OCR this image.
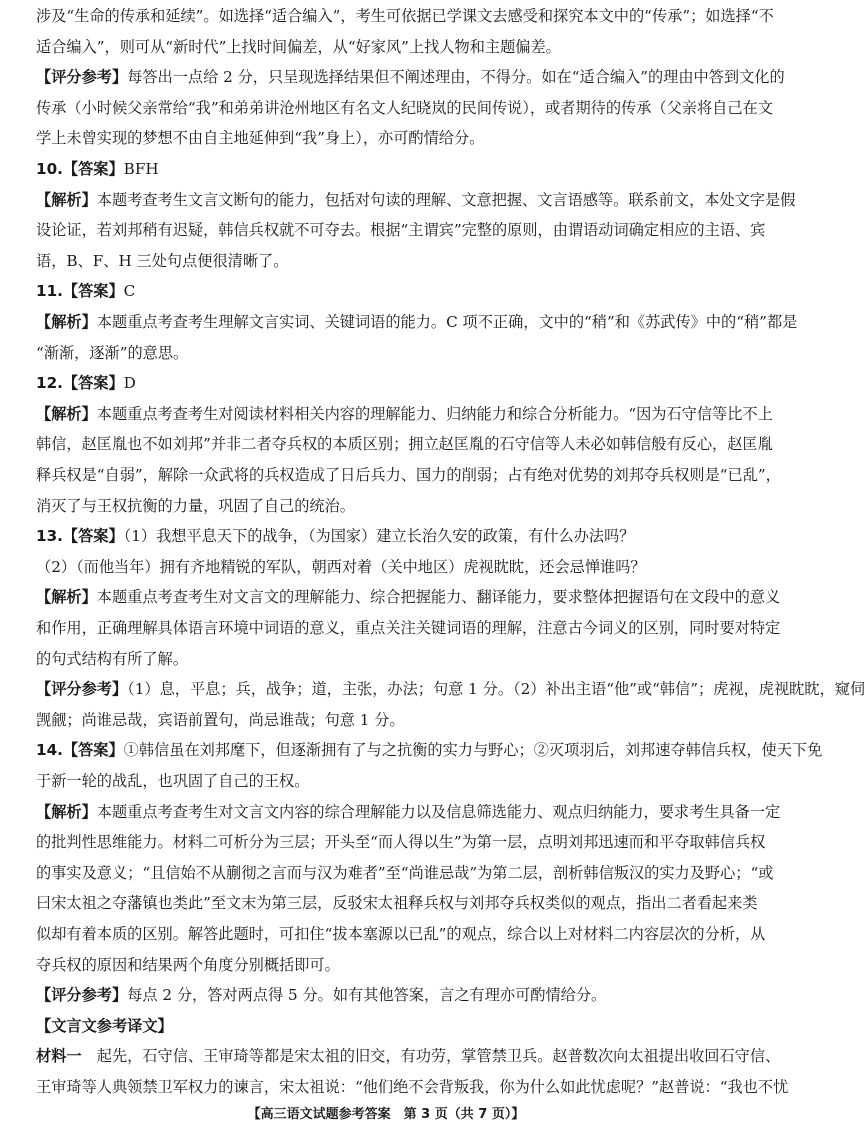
涉及“生命的传承和延续”。如选择“适合编入”，考生可依据已学课文去感受和探究本文中的“传承”；如选择“不
适合编入”，则可从“新时代”上找时间偏差，从“好家风”上找人物和主题偏差。
【评分参考】每答出一点给 2 分，只呈现选择结果但不阐述理由，不得分。如在“适合编入”的理由中答到文化的
传承（小时候父亲常给“我”和弟弟讲沧州地区有名文人纪晓岚的民间传说），或者期待的传承（父亲将自己在文
学上未曾实现的梦想不由自主地延伸到“我”身上），亦可酌情给分。
10.【答案】BFH
【解析】本题考查考生文言文断句的能力，包括对句读的理解、文意把握、文言语感等。联系前文，本处文字是假
设论证，若刘邦稍有迟疑，韩信兵权就不可夺去。根据“主谓宾”完整的原则，由谓语动词确定相应的主语、宾
语，B、F、H 三处句点便很清晰了。
11.【答案】C
【解析】本题重点考查考生理解文言实词、关键词语的能力。C 项不正确，文中的“稍”和《苏武传》中的“稍”都是
“渐渐，逐渐”的意思。
12.【答案】D
【解析】本题重点考查考生对阅读材料相关内容的理解能力、归纳能力和综合分析能力。“因为石守信等比不上
韩信，赵匡胤也不如刘邦”并非二者夺兵权的本质区别；拥立赵匡胤的石守信等人未必如韩信般有反心，赵匡胤
释兵权是“自弱”，解除一众武将的兵权造成了日后兵力、国力的削弱；占有绝对优势的刘邦夺兵权则是“已乱”，
消灭了与王权抗衡的力量，巩固了自己的统治。
13.【答案】（1）我想平息天下的战争，（为国家）建立长治久安的政策，有什么办法吗？
（2）（而他当年）拥有齐地精锐的军队，朝西对着（关中地区）虎视眈眈，还会忌惮谁吗？
【解析】本题重点考查考生对文言文的理解能力、综合把握能力、翻译能力，要求整体把握语句在文段中的意义
和作用，正确理解具体语言环境中词语的意义，重点关注关键词语的理解，注意古今词义的区别，同时要对特定
的句式结构有所了解。
【评分参考】（1）息，平息；兵，战争；道，主张，办法；句意 1 分。（2）补出主语“他”或“韩信”；虎视，虎视眈眈，窥伺
觊觎；尚谁忌哉，宾语前置句，尚忌谁哉；句意 1 分。
14.【答案】①韩信虽在刘邦麾下，但逐渐拥有了与之抗衡的实力与野心；②灭项羽后，刘邦速夺韩信兵权，使天下免
于新一轮的战乱，也巩固了自己的王权。
【解析】本题重点考查考生对文言文内容的综合理解能力以及信息筛选能力、观点归纳能力，要求考生具备一定
的批判性思维能力。材料二可析分为三层；开头至“而人得以生”为第一层，点明刘邦迅速而和平夺取韩信兵权
的事实及意义；“且信始不从蒯彻之言而与汉为难者”至“尚谁忌哉”为第二层，剖析韩信叛汉的实力及野心；“或
曰宋太祖之夺藩镇也类此”至文末为第三层，反驳宋太祖释兵权与刘邦夺兵权类似的观点，指出二者看起来类
似却有着本质的区别。解答此题时，可扣住“拔本塞源以已乱”的观点，综合以上对材料二内容层次的分析，从
夺兵权的原因和结果两个角度分别概括即可。
【评分参考】每点 2 分，答对两点得 5 分。如有其他答案，言之有理亦可酌情给分。
【文言文参考译文】
材料一　起先，石守信、王审琦等都是宋太祖的旧交，有功劳，掌管禁卫兵。赵普数次向太祖提出收回石守信、
王审琦等人典领禁卫军权力的谏言，宋太祖说：“他们绝不会背叛我，你为什么如此忧虑呢？”赵普说：“我也不忧
【高三语文试题参考答案　第 3 页（共 7 页）】
